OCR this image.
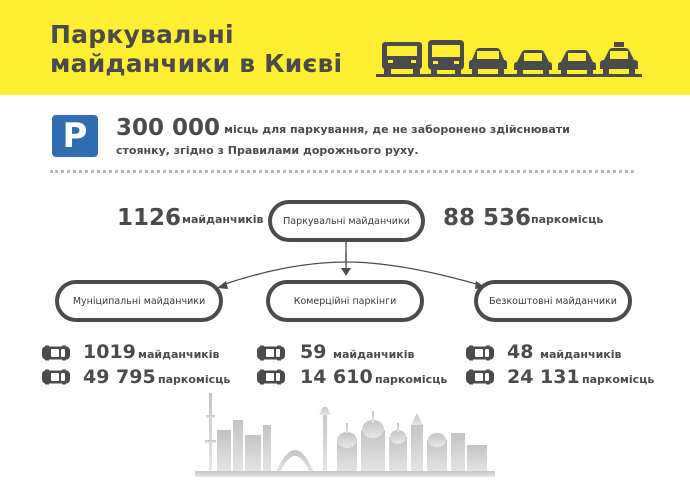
Паркувальні
майданчики в Києві
P	300 000 місць для паркування, де не заборонено здійснювати
стоянку, згідно з Правилами дорожнього руху.
1126 майданчиків Паркувальні майданчики 88 536 паркомісць
Муніципальні майданчики	Комерційні паркінги	Безкоштовні майданчики
1019 майданчиків
49 795 паркомісць
59 майданчиків
14 610 паркомісць
48 майданчиків
24 131 паркомісць
